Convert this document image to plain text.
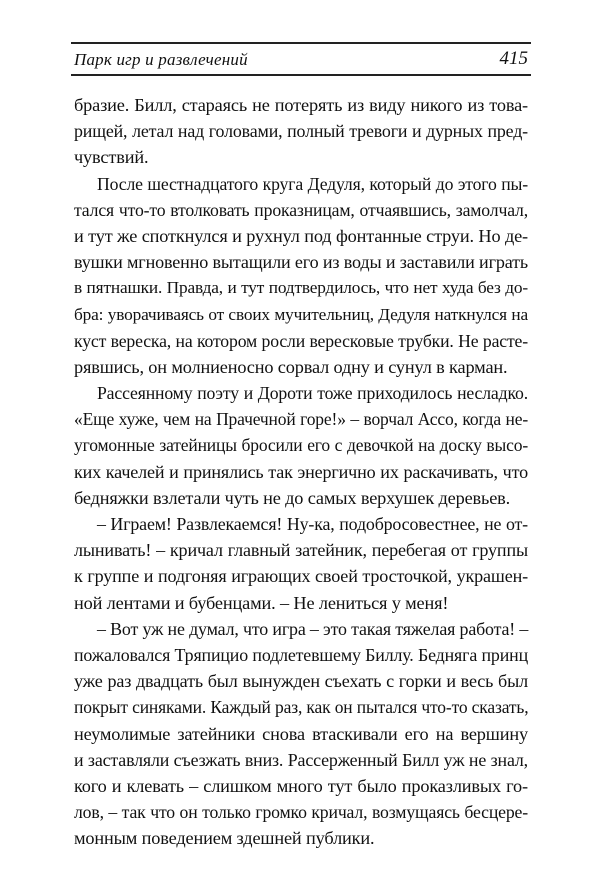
Парк игр и развлечений	415
бразие. Билл, стараясь не потерять из виду никого из това-
рищей, летал над головами, полный тревоги и дурных пред-
чувствий.
После шестнадцатого круга Дедуля, который до этого пы-
тался что-то втолковать проказницам, отчаявшись, замолчал,
и тут же споткнулся и рухнул под фонтанные струи. Но де-
вушки мгновенно вытащили его из воды и заставили играть
в пятнашки. Правда, и тут подтвердилось, что нет худа без до-
бра: уворачиваясь от своих мучительниц, Дедуля наткнулся на
куст вереска, на котором росли вересковые трубки. Не расте-
рявшись, он молниеносно сорвал одну и сунул в карман.
Рассеянному поэту и Дороти тоже приходилось несладко.
«Еще хуже, чем на Прачечной горе!» – ворчал Ассо, когда не-
угомонные затейницы бросили его с девочкой на доску высо-
ких качелей и принялись так энергично их раскачивать, что
бедняжки взлетали чуть не до самых верхушек деревьев.
– Играем! Развлекаемся! Ну-ка, подобросовестнее, не от-
лынивать! – кричал главный затейник, перебегая от группы
к группе и подгоняя играющих своей тросточкой, украшен-
ной лентами и бубенцами. – Не лениться у меня!
– Вот уж не думал, что игра – это такая тяжелая работа! –
пожаловался Тряпицио подлетевшему Биллу. Бедняга принц
уже раз двадцать был вынужден съехать с горки и весь был
покрыт синяками. Каждый раз, как он пытался что-то сказать,
неумолимые затейники снова втаскивали его на вершину
и заставляли съезжать вниз. Рассерженный Билл уж не знал,
кого и клевать – слишком много тут было проказливых го-
лов, – так что он только громко кричал, возмущаясь бесцере-
монным поведением здешней публики.
